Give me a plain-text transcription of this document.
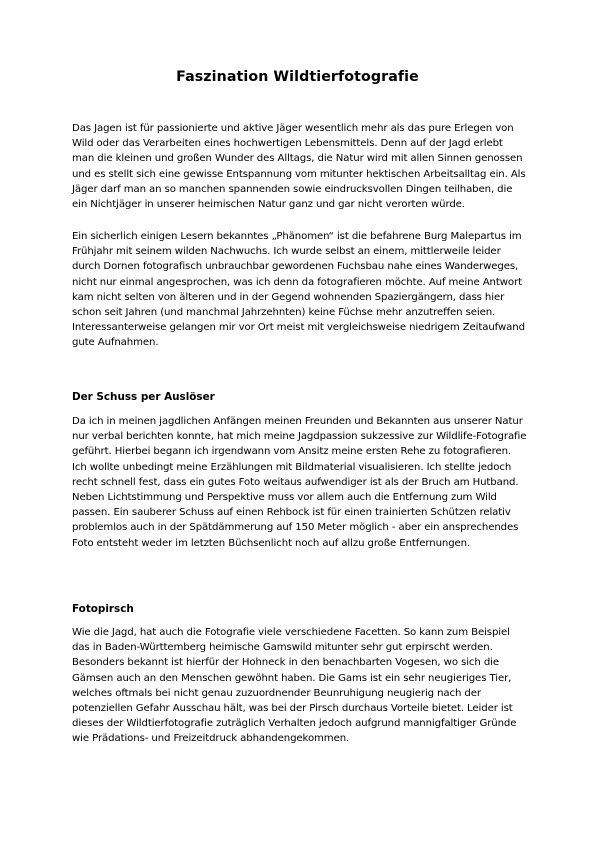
Faszination Wildtierfotografie

Das Jagen ist für passionierte und aktive Jäger wesentlich mehr als das pure Erlegen von Wild oder das Verarbeiten eines hochwertigen Lebensmittels. Denn auf der Jagd erlebt man die kleinen und großen Wunder des Alltags, die Natur wird mit allen Sinnen genossen und es stellt sich eine gewisse Entspannung vom mitunter hektischen Arbeitsalltag ein. Als Jäger darf man an so manchen spannenden sowie eindrucksvollen Dingen teilhaben, die ein Nichtjäger in unserer heimischen Natur ganz und gar nicht verorten würde.

Ein sicherlich einigen Lesern bekanntes „Phänomen“ ist die befahrene Burg Malepartus im Frühjahr mit seinem wilden Nachwuchs. Ich wurde selbst an einem, mittlerweile leider durch Dornen fotografisch unbrauchbar gewordenen Fuchsbau nahe eines Wanderweges, nicht nur einmal angesprochen, was ich denn da fotografieren möchte. Auf meine Antwort kam nicht selten von älteren und in der Gegend wohnenden Spaziergängern, dass hier schon seit Jahren (und manchmal Jahrzehnten) keine Füchse mehr anzutreffen seien. Interessanterweise gelangen mir vor Ort meist mit vergleichsweise niedrigem Zeitaufwand gute Aufnahmen.

Der Schuss per Auslöser

Da ich in meinen jagdlichen Anfängen meinen Freunden und Bekannten aus unserer Natur nur verbal berichten konnte, hat mich meine Jagdpassion sukzessive zur Wildlife-Fotografie geführt. Hierbei begann ich irgendwann vom Ansitz meine ersten Rehe zu fotografieren. Ich wollte unbedingt meine Erzählungen mit Bildmaterial visualisieren. Ich stellte jedoch recht schnell fest, dass ein gutes Foto weitaus aufwendiger ist als der Bruch am Hutband. Neben Lichtstimmung und Perspektive muss vor allem auch die Entfernung zum Wild passen. Ein sauberer Schuss auf einen Rehbock ist für einen trainierten Schützen relativ problemlos auch in der Spätdämmerung auf 150 Meter möglich - aber ein ansprechendes Foto entsteht weder im letzten Büchsenlicht noch auf allzu große Entfernungen.

Fotopirsch

Wie die Jagd, hat auch die Fotografie viele verschiedene Facetten. So kann zum Beispiel das in Baden-Württemberg heimische Gamswild mitunter sehr gut erpirscht werden. Besonders bekannt ist hierfür der Hohneck in den benachbarten Vogesen, wo sich die Gämsen auch an den Menschen gewöhnt haben. Die Gams ist ein sehr neugieriges Tier, welches oftmals bei nicht genau zuzuordnender Beunruhigung neugierig nach der potenziellen Gefahr Ausschau hält, was bei der Pirsch durchaus Vorteile bietet. Leider ist dieses der Wildtierfotografie zuträglich Verhalten jedoch aufgrund mannigfaltiger Gründe wie Prädations- und Freizeitdruck abhandengekommen.
